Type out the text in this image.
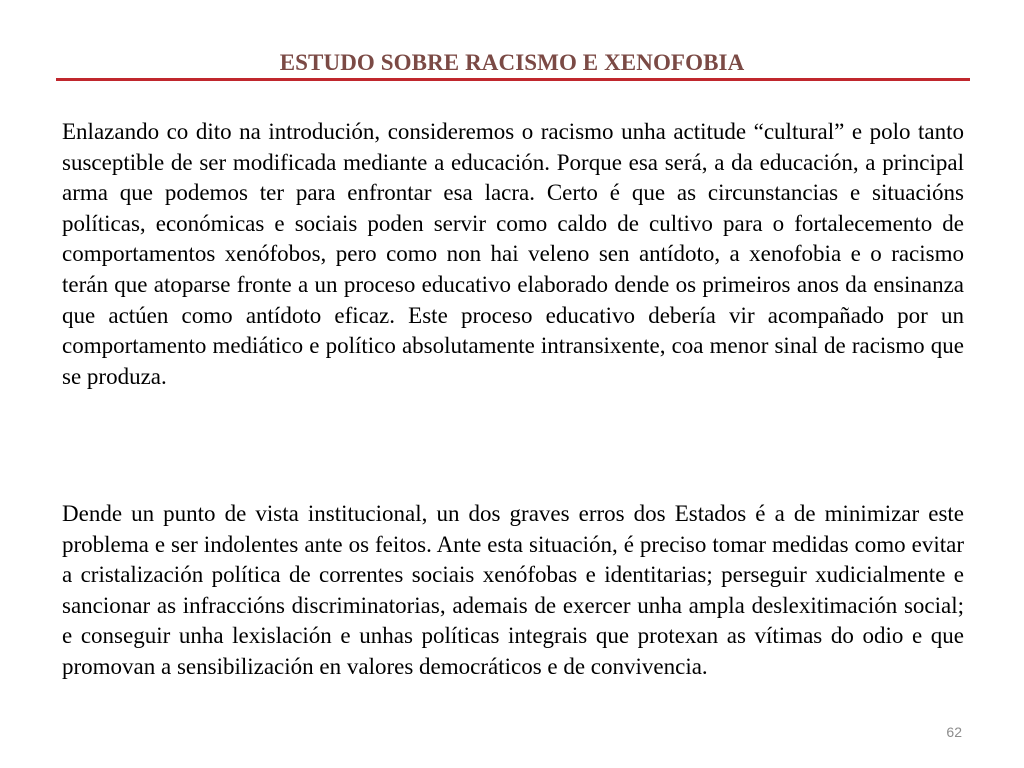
ESTUDO SOBRE RACISMO E XENOFOBIA

Enlazando co dito na introdución, consideremos o racismo unha actitude “cultural” e polo tanto susceptible de ser modificada mediante a educación. Porque esa será, a da educación, a principal arma que podemos ter para enfrontar esa lacra. Certo é que as circunstancias e situacións políticas, económicas e sociais poden servir como caldo de cultivo para o fortalecemento de comportamentos xenófobos, pero como non hai veleno sen antídoto, a xenofobia e o racismo terán que atoparse fronte a un proceso educativo elaborado dende os primeiros anos da ensinanza que actúen como antídoto eficaz. Este proceso educativo debería vir acompañado por un comportamento mediático e político absolutamente intransixente, coa menor sinal de racismo que se produza.

Dende un punto de vista institucional, un dos graves erros dos Estados é a de minimizar este problema e ser indolentes ante os feitos. Ante esta situación, é preciso tomar medidas como evitar a cristalización política de correntes sociais xenófobas e identitarias; perseguir xudicialmente e sancionar as infraccións discriminatorias, ademais de exercer unha ampla deslexitimación social; e conseguir unha lexislación e unhas políticas integrais que protexan as vítimas do odio e que promovan a sensibilización en valores democráticos e de convivencia.

62
